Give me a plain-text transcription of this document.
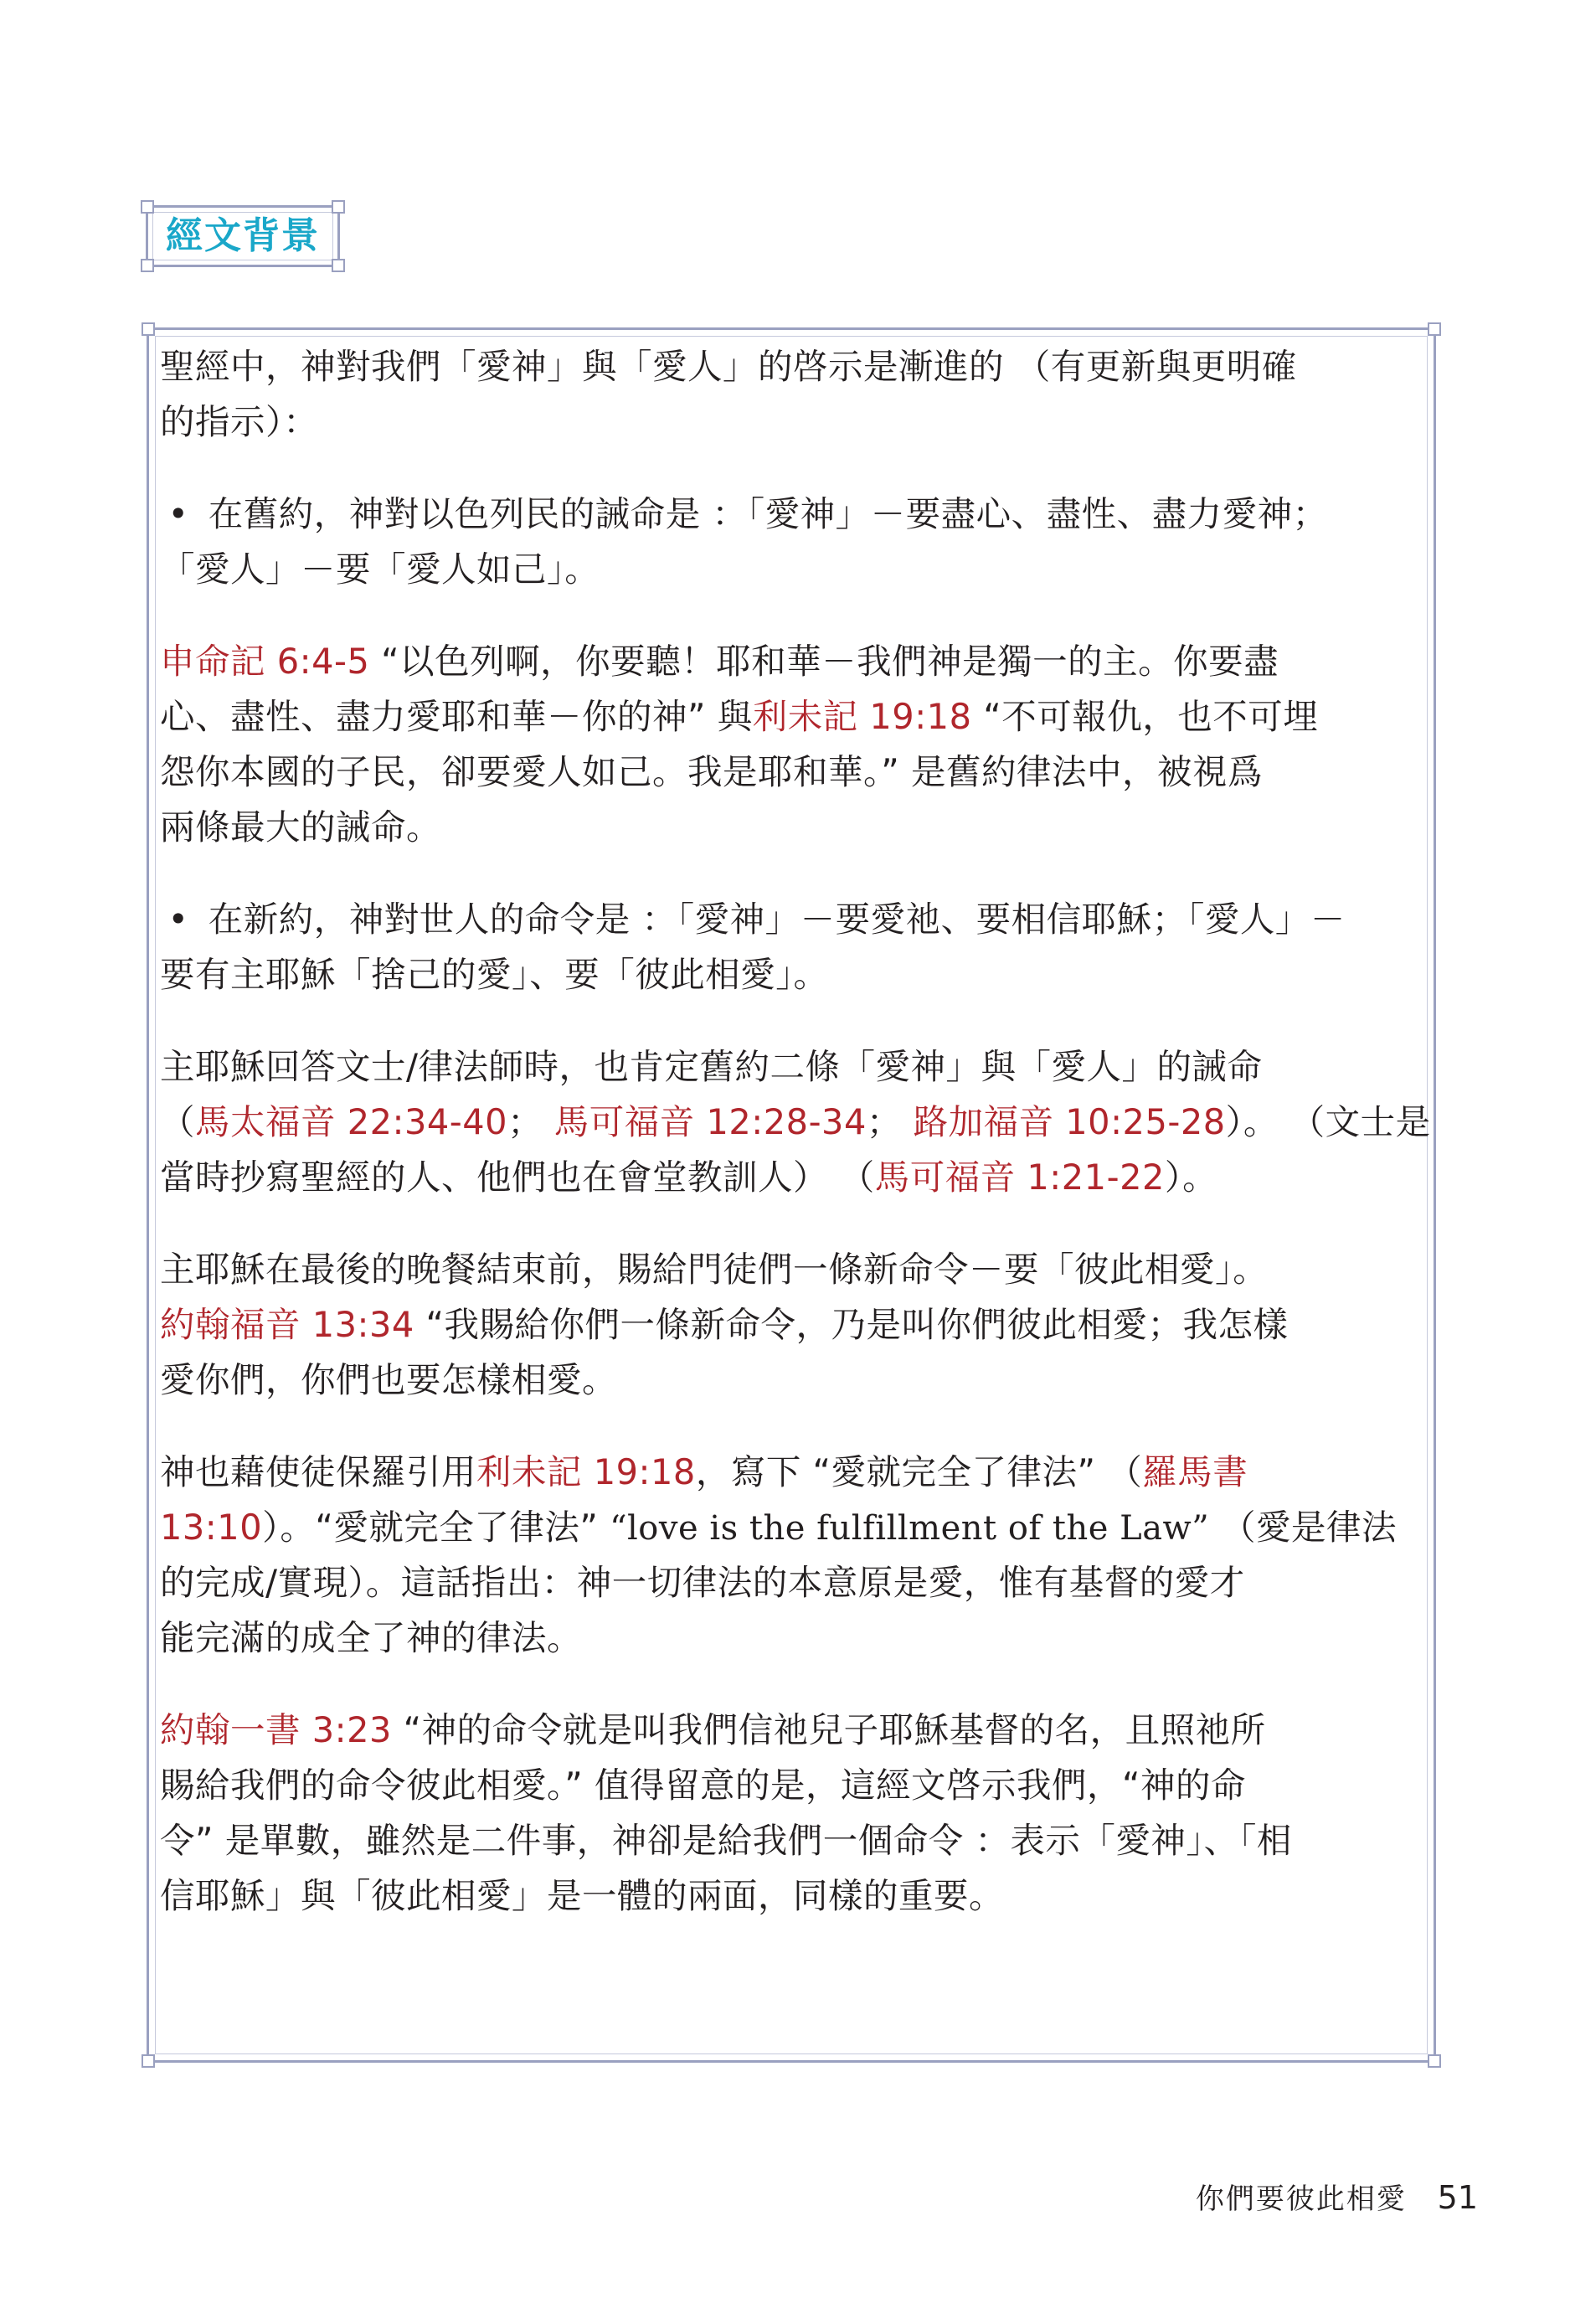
經文背景
聖經中，神對我們「愛神」與「愛人」的啓示是漸進的 （有更新與更明確
的指示）：
• 在舊約，神對以色列民的誡命是 ：「愛神」－要盡心、盡性、盡力愛神；
「愛人」－要「愛人如己」。
申命記 6:4-5 “以色列啊，你要聽！耶和華－我們神是獨一的主。你要盡
心、盡性、盡力愛耶和華－你的神” 與利未記 19:18 “不可報仇，也不可埋
怨你本國的子民，卻要愛人如己。我是耶和華。” 是舊約律法中，被視爲
兩條最大的誡命。
• 在新約，神對世人的命令是 ：「愛神」－要愛祂、要相信耶穌；「愛人」－
要有主耶穌「捨己的愛」、要「彼此相愛」。
主耶穌回答文士/律法師時，也肯定舊約二條「愛神」與「愛人」的誡命
（馬太福音 22:34-40； 馬可福音 12:28-34； 路加福音 10:25-28）。 （文士是
當時抄寫聖經的人、他們也在會堂教訓人） （馬可福音 1:21-22）。
主耶穌在最後的晚餐結束前，賜給門徒們一條新命令－要「彼此相愛」。
約翰福音 13:34 “我賜給你們一條新命令，乃是叫你們彼此相愛；我怎樣
愛你們，你們也要怎樣相愛。
神也藉使徒保羅引用利未記 19:18，寫下 “愛就完全了律法” （羅馬書
13:10）。“愛就完全了律法” “love is the fulfillment of the Law” （愛是律法
的完成/實現）。這話指出：神一切律法的本意原是愛，惟有基督的愛才
能完滿的成全了神的律法。
約翰一書 3:23 “神的命令就是叫我們信祂兒子耶穌基督的名，且照祂所
賜給我們的命令彼此相愛。” 值得留意的是，這經文啓示我們，“神的命
令” 是單數，雖然是二件事，神卻是給我們一個命令 ：表示「愛神」、「相
信耶穌」與「彼此相愛」是一體的兩面，同樣的重要。
你們要彼此相愛 51
